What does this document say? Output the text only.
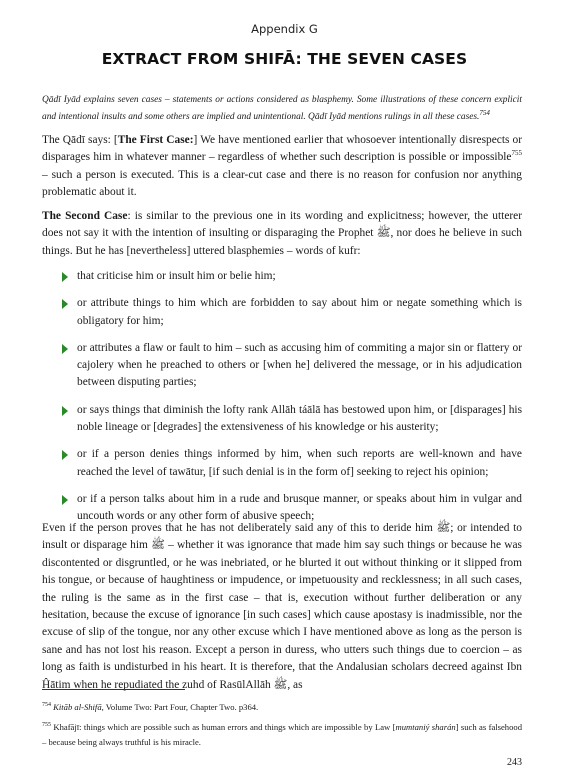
Appendix G
EXTRACT FROM SHIFĀ: THE SEVEN CASES
Qādī Iyād explains seven cases – statements or actions considered as blasphemy. Some illustrations of these concern explicit and intentional insults and some others are implied and unintentional. Qādī Iyād mentions rulings in all these cases.$^{754}$
The Qādī says: [The First Case:] We have mentioned earlier that whosoever intentionally disrespects or disparages him in whatever manner – regardless of whether such description is possible or impossible$^{755}$ – such a person is executed. This is a clear-cut case and there is no reason for confusion nor anything problematic about it.
The Second Case: is similar to the previous one in its wording and explicitness; however, the utterer does not say it with the intention of insulting or disparaging the Prophet ﷺ, nor does he believe in such things. But he has [nevertheless] uttered blasphemies – words of kufr:
that criticise him or insult him or belie him;
or attribute things to him which are forbidden to say about him or negate something which is obligatory for him;
or attributes a flaw or fault to him – such as accusing him of commiting a major sin or flattery or cajolery when he preached to others or [when he] delivered the message, or in his adjudication between disputing parties;
or says things that diminish the lofty rank Allāh táālā has bestowed upon him, or [disparages] his noble lineage or [degrades] the extensiveness of his knowledge or his austerity;
or if a person denies things informed by him, when such reports are well-known and have reached the level of tawātur, [if such denial is in the form of] seeking to reject his opinion;
or if a person talks about him in a rude and brusque manner, or speaks about him in vulgar and uncouth words or any other form of abusive speech;
Even if the person proves that he has not deliberately said any of this to deride him ﷺ; or intended to insult or disparage him ﷺ – whether it was ignorance that made him say such things or because he was discontented or disgruntled, or he was inebriated, or he blurted it out without thinking or it slipped from his tongue, or because of haughtiness or impudence, or impetuousity and recklessness; in all such cases, the ruling is the same as in the first case – that is, execution without further deliberation or any hesitation, because the excuse of ignorance [in such cases] which cause apostasy is inadmissible, nor the excuse of slip of the tongue, nor any other excuse which I have mentioned above as long as the person is sane and has not lost his reason. Except a person in duress, who utters such things due to coercion – as long as faith is undisturbed in his heart. It is therefore, that the Andalusian scholars decreed against Ibn Ĥātim when he repudiated the zuhd of RasūlAllāh ﷺ, as
$^{754}$ Kitāb al-Shifā, Volume Two: Part Four, Chapter Two. p364.
$^{755}$ Khafājī: things which are possible such as human errors and things which are impossible by Law [mumtaniý sharán] such as falsehood – because being always truthful is his miracle.
243
